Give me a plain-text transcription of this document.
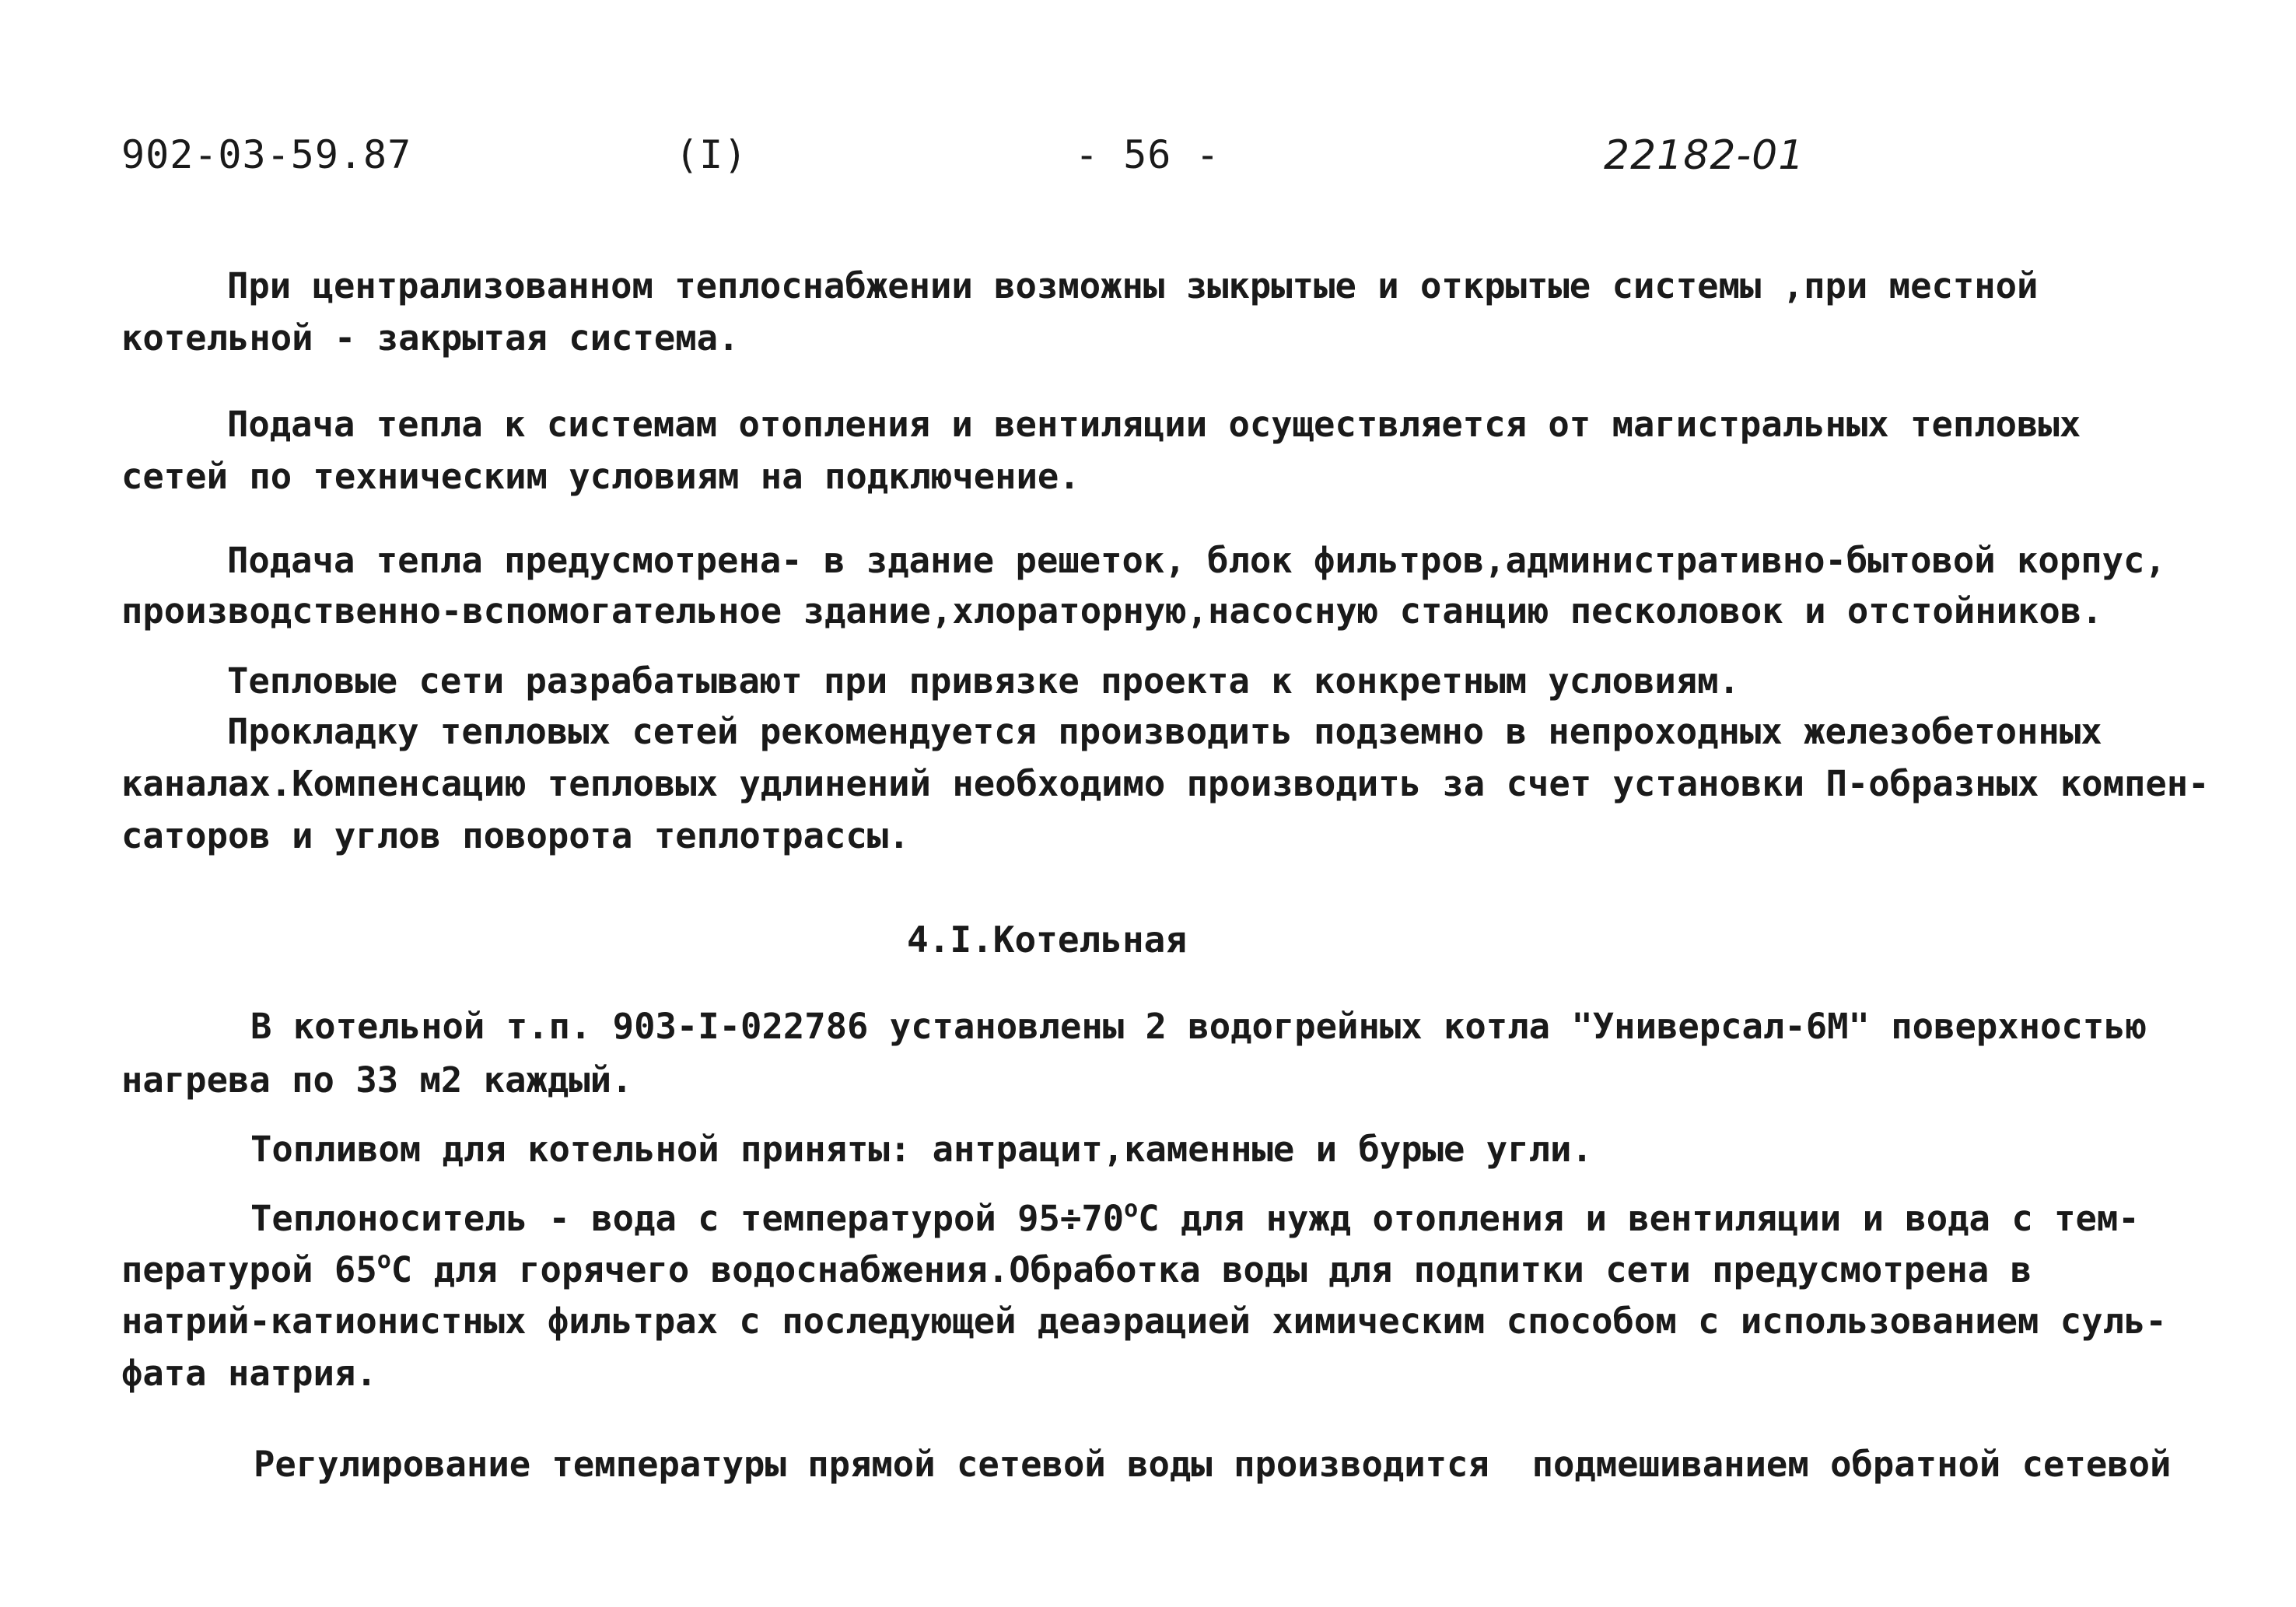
902-03-59.87	(I)	- 56 -	22182-01
При централизованном теплоснабжении возможны зыкрытые и открытые системы ,при местной
котельной - закрытая система.
Подача тепла к системам отопления и вентиляции осуществляется от магистральных тепловых
сетей по техническим условиям на подключение.
Подача тепла предусмотрена- в здание решеток, блок фильтров,административно-бытовой корпус,
производственно-вспомогательное здание,хлораторную,насосную станцию песколовок и отстойников.
Тепловые сети разрабатывают при привязке проекта к конкретным условиям.
Прокладку тепловых сетей рекомендуется производить подземно в непроходных железобетонных
каналах.Компенсацию тепловых удлинений необходимо производить за счет установки П-образных компен-
саторов и углов поворота теплотрассы.
4.I.Котельная
В котельной т.п. 903-I-022786 установлены 2 водогрейных котла "Универсал-6М" поверхностью
нагрева по 33 м2 каждый.
Топливом для котельной приняты: антрацит,каменные и бурые угли.
Теплоноситель - вода с температурой $95\div 70^оС$ для нужд отопления и вентиляции и вода с тем-
пературой $65^оС$ для горячего водоснабжения.Обработка воды для подпитки сети предусмотрена в
натрий-катионистных фильтрах с последующей деаэрацией химическим способом с использованием суль-
фата натрия.
Регулирование температуры прямой сетевой воды производится  подмешиванием обратной сетевой
